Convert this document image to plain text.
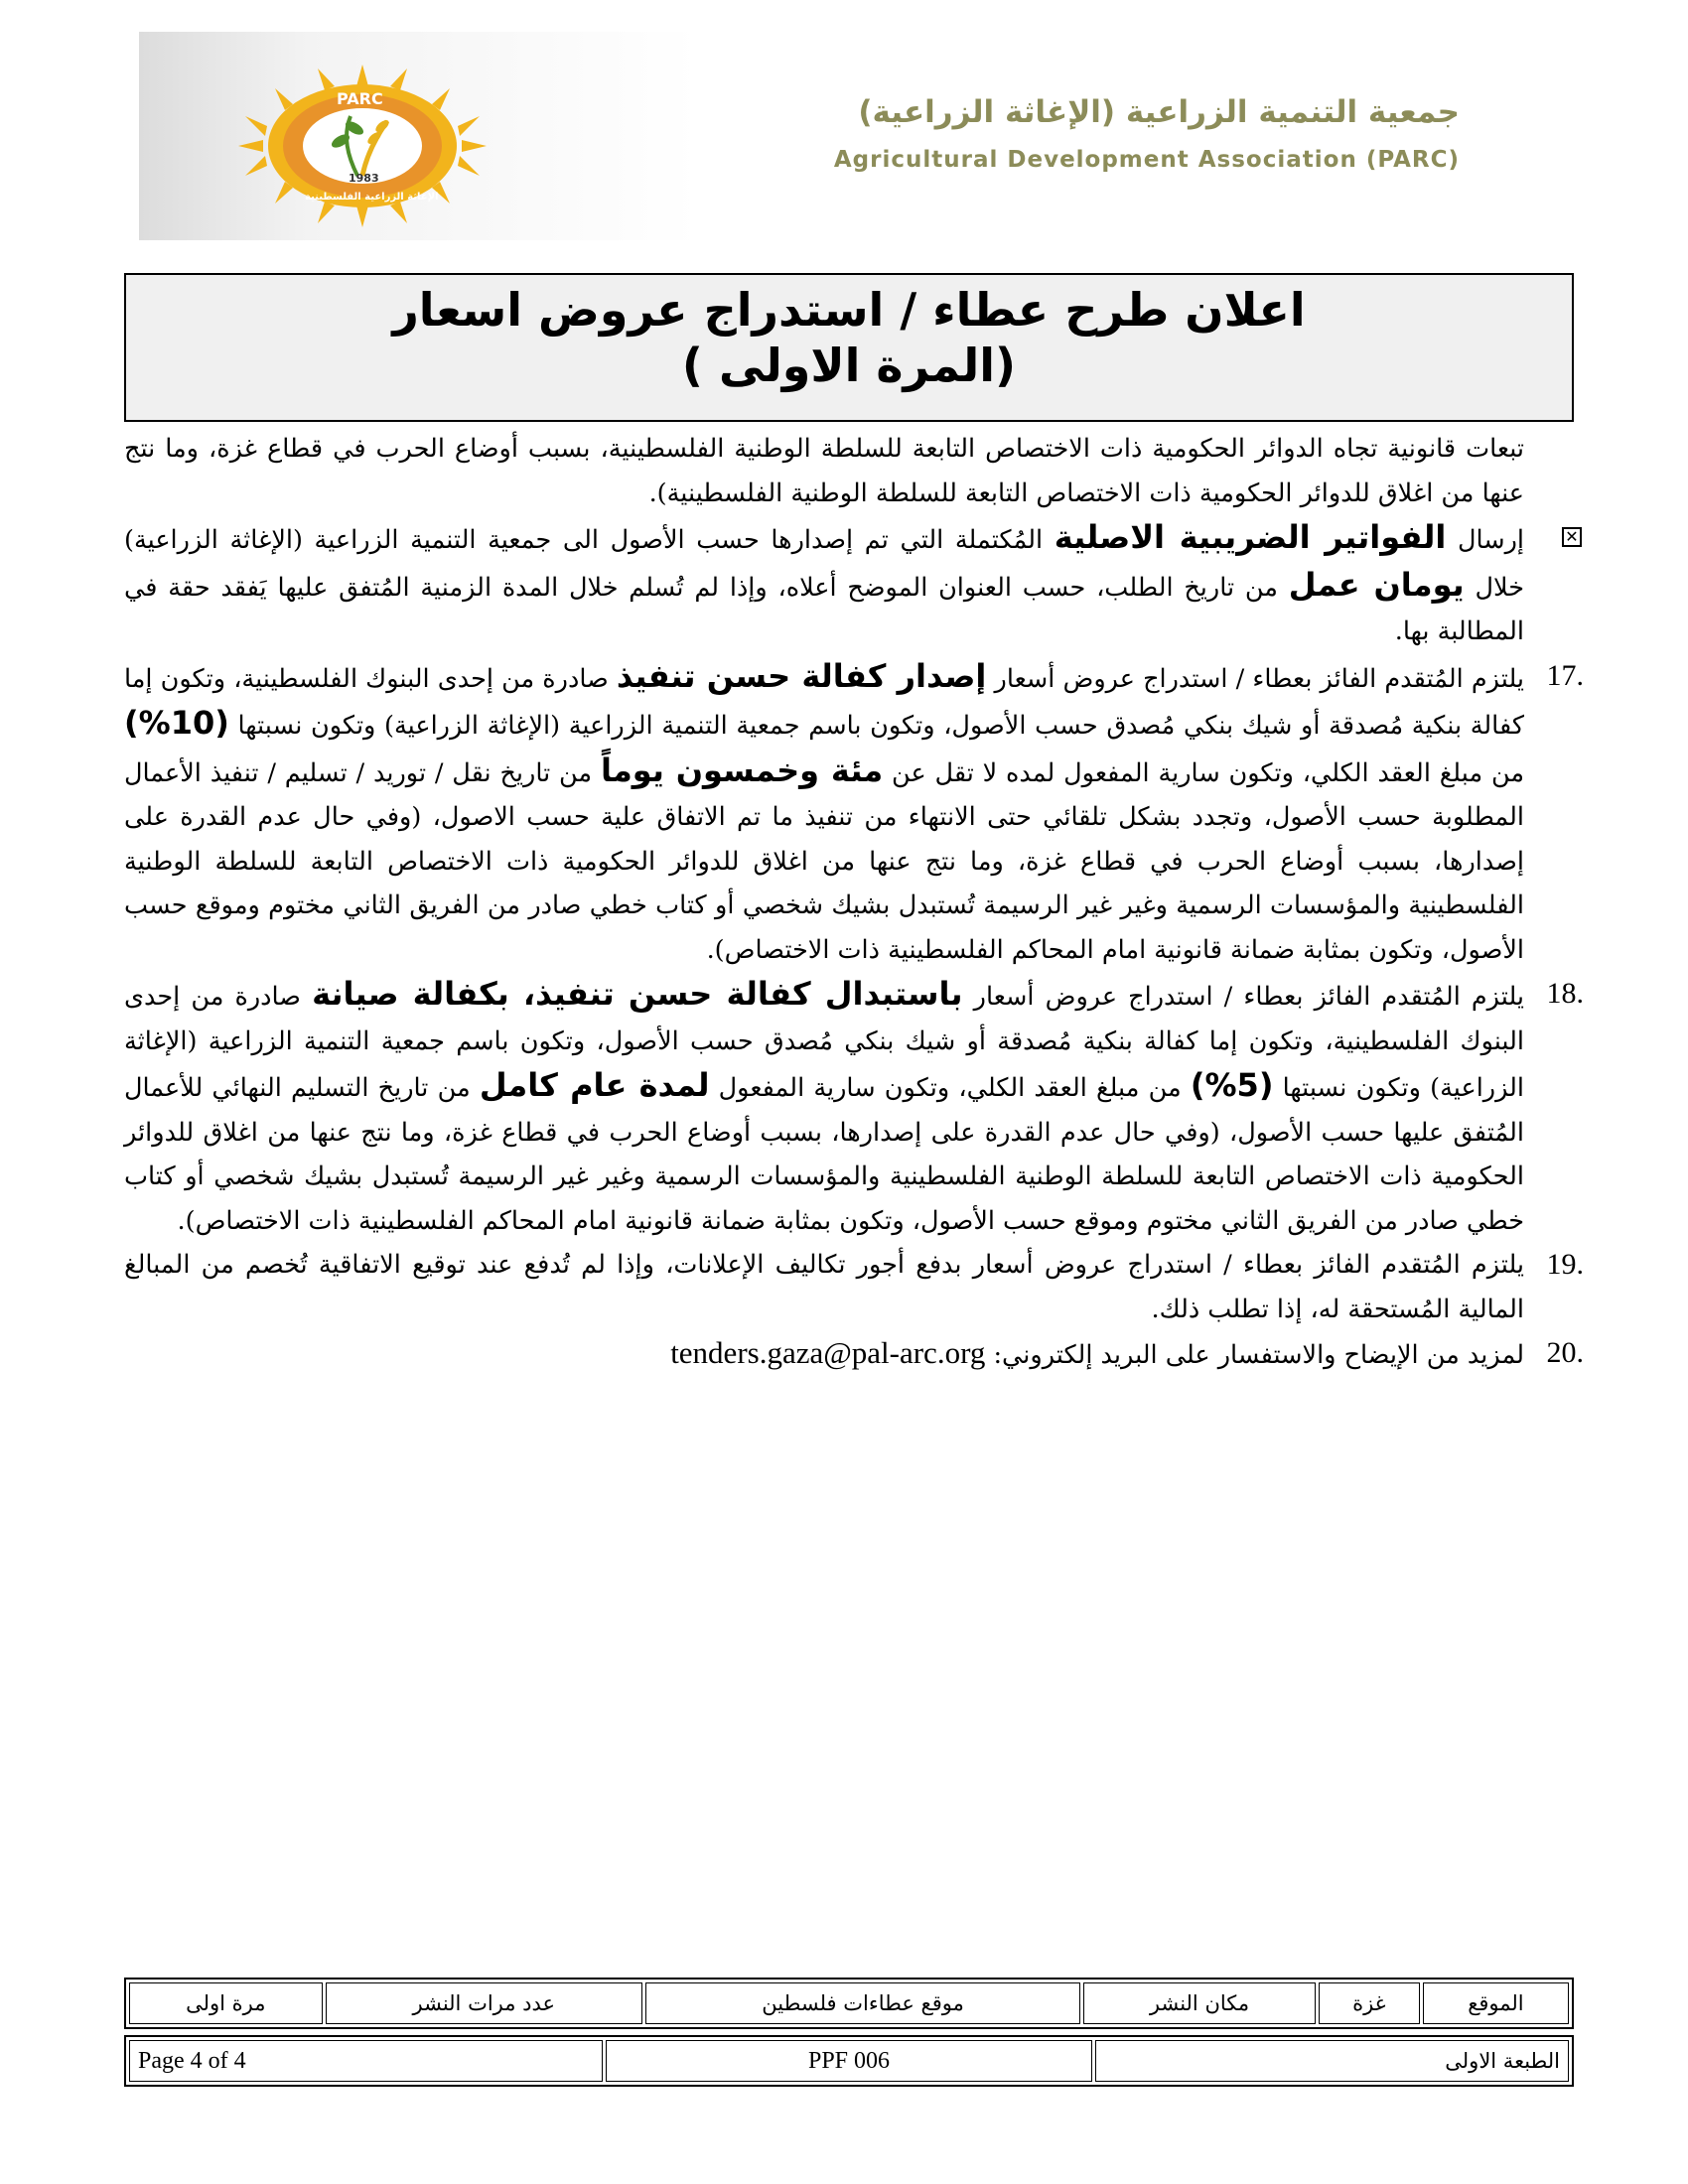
PARC
1983
الإغاثة الزراعية الفلسطينية
جمعية التنمية الزراعية (الإغاثة الزراعية)
Agricultural Development Association (PARC)
اعلان طرح عطاء / استدراج عروض اسعار
(المرة الاولى )
تبعات قانونية تجاه الدوائر الحكومية ذات الاختصاص التابعة للسلطة الوطنية الفلسطينية، بسبب أوضاع الحرب في قطاع غزة، وما نتج عنها من اغلاق للدوائر الحكومية ذات الاختصاص التابعة للسلطة الوطنية الفلسطينية).
✕
إرسال الفواتير الضريبية الاصلية المُكتملة التي تم إصدارها حسب الأصول الى جمعية التنمية الزراعية (الإغاثة الزراعية) خلال يومان عمل من تاريخ الطلب، حسب العنوان الموضح أعلاه، وإذا لم تُسلم خلال المدة الزمنية المُتفق عليها يَفقد حقة في المطالبة بها.
17.
يلتزم المُتقدم الفائز بعطاء / استدراج عروض أسعار إصدار كفالة حسن تنفيذ صادرة من إحدى البنوك الفلسطينية، وتكون إما كفالة بنكية مُصدقة أو شيك بنكي مُصدق حسب الأصول، وتكون باسم جمعية التنمية الزراعية (الإغاثة الزراعية) وتكون نسبتها (10%) من مبلغ العقد الكلي، وتكون سارية المفعول لمده لا تقل عن مئة وخمسون يوماً من تاريخ نقل / توريد / تسليم / تنفيذ الأعمال المطلوبة حسب الأصول، وتجدد بشكل تلقائي حتى الانتهاء من تنفيذ ما تم الاتفاق علية حسب الاصول، (وفي حال عدم القدرة على إصدارها، بسبب أوضاع الحرب في قطاع غزة، وما نتج عنها من اغلاق للدوائر الحكومية ذات الاختصاص التابعة للسلطة الوطنية الفلسطينية والمؤسسات الرسمية وغير غير الرسيمة تُستبدل بشيك شخصي أو كتاب خطي صادر من الفريق الثاني مختوم وموقع حسب الأصول، وتكون بمثابة ضمانة قانونية امام المحاكم الفلسطينية ذات الاختصاص).
18.
يلتزم المُتقدم الفائز بعطاء / استدراج عروض أسعار باستبدال كفالة حسن تنفيذ، بكفالة صيانة صادرة من إحدى البنوك الفلسطينية، وتكون إما كفالة بنكية مُصدقة أو شيك بنكي مُصدق حسب الأصول، وتكون باسم جمعية التنمية الزراعية (الإغاثة الزراعية) وتكون نسبتها (5%) من مبلغ العقد الكلي، وتكون سارية المفعول لمدة عام كامل من تاريخ التسليم النهائي للأعمال المُتفق عليها حسب الأصول، (وفي حال عدم القدرة على إصدارها، بسبب أوضاع الحرب في قطاع غزة، وما نتج عنها من اغلاق للدوائر الحكومية ذات الاختصاص التابعة للسلطة الوطنية الفلسطينية والمؤسسات الرسمية وغير غير الرسيمة تُستبدل بشيك شخصي أو كتاب خطي صادر من الفريق الثاني مختوم وموقع حسب الأصول، وتكون بمثابة ضمانة قانونية امام المحاكم الفلسطينية ذات الاختصاص).
19.
يلتزم المُتقدم الفائز بعطاء / استدراج عروض أسعار بدفع أجور تكاليف الإعلانات، وإذا لم تُدفع عند توقيع الاتفاقية تُخصم من المبالغ المالية المُستحقة له، إذا تطلب ذلك.
20.
لمزيد من الإيضاح والاستفسار على البريد إلكتروني: tenders.gaza@pal-arc.org
الموقع	غزة	مكان النشر	موقع عطاءات فلسطين	عدد مرات النشر	مرة اولى
Page 4 of 4	PPF 006	الطبعة الاولى
